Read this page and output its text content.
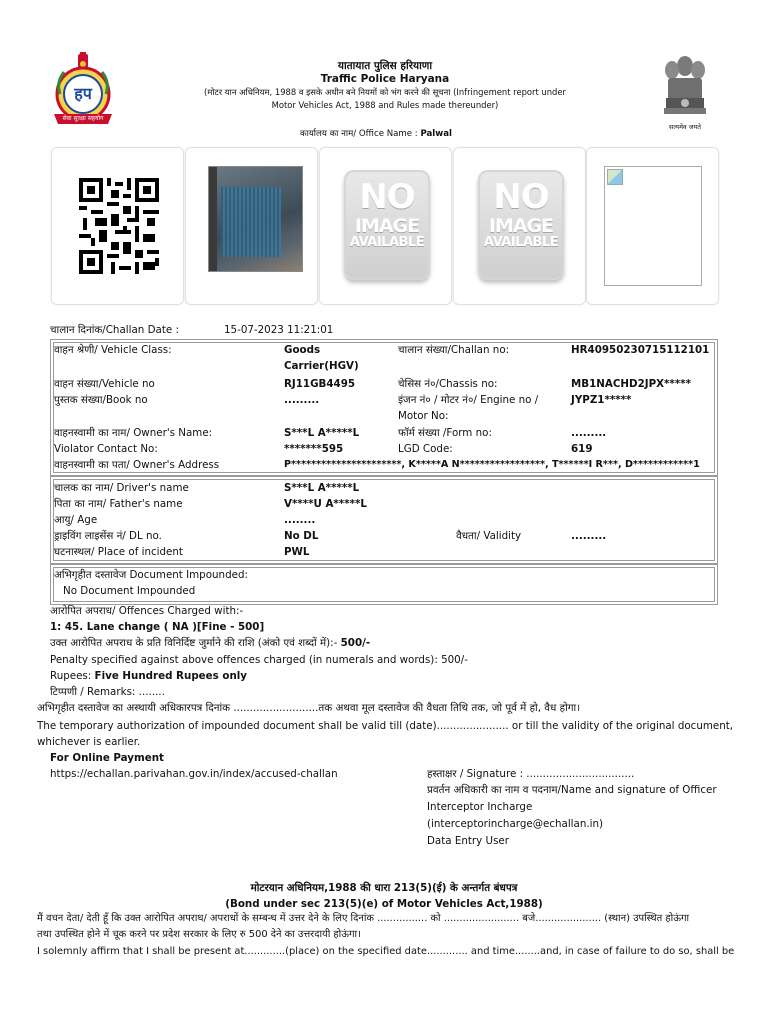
हप
सेवा सुरक्षा सहयोग
यातायात पुलिस हरियाणा
Traffic Police Haryana
(मोटर यान अधिनियम, 1988 व इसके अधीन बने नियमों को भंग करने की सूचना (Infringement report under
Motor Vehicles Act, 1988 and Rules made thereunder)
कार्यालय का नाम/ Office Name : Palwal
सत्यमेव जयते
NO
IMAGE
AVAILABLE
NO
IMAGE
AVAILABLE
चालान दिनांक/Challan Date :	15-07-2023 11:21:01
वाहन श्रेणी/ Vehicle Class:	Goods
Carrier(HGV)
चालान संख्या/Challan no:	HR40950230715112101
वाहन संख्या/Vehicle no	RJ11GB4495	चेसिस नं०/Chassis no:	MB1NACHD2JPX*****
पुस्तक संख्या/Book no	.........	इंजन नं० / मोटर नं०/ Engine no /
Motor No:
JYPZ1*****
वाहनस्वामी का नाम/ Owner's Name:	S***L A*****L	फॉर्म संख्या /Form no:	.........
Violator Contact No:	*******595	LGD Code:	619
वाहनस्वामी का पता/ Owner's Address	P**********************, K*****A N*****************, T******I R***, D************1
चालक का नाम/ Driver's name	S***L A*****L
पिता का नाम/ Father's name	V****U A*****L
आयु/ Age	........
ड्राइविंग लाइसेंस नं/ DL no.	No DL	वैधता/ Validity	.........
घटनास्थल/ Place of incident	PWL
अभिगृहीत दस्तावेज Document Impounded:
No Document Impounded
आरोपित अपराध/ Offences Charged with:-
1: 45. Lane change ( NA )[Fine - 500]
उक्त आरोपित अपराध के प्रति विनिर्दिष्ट जुर्माने की राशि (अंको एवं शब्दों में):- 500/-
Penalty specified against above offences charged (in numerals and words): 500/-
Rupees: Five Hundred Rupees only
टिप्पणी / Remarks: ........
अभिगृहीत दस्तावेज का अस्थायी अधिकारपत्र दिनांक ..........................तक अथवा मूल दस्तावेज की वैधता तिथि तक, जो पूर्व में हो, वैध होगा।
The temporary authorization of impounded document shall be valid till (date)...................... or till the validity of the original document,
whichever is earlier.
For Online Payment
https://echallan.parivahan.gov.in/index/accused-challan	हस्ताक्षर / Signature : .................................
प्रवर्तन अधिकारी का नाम व पदनाम/Name and signature of Officer
Interceptor Incharge
(interceptorincharge@echallan.in)
Data Entry User
मोटरयान अधिनियम,1988 की धारा 213(5)(ई) के अन्तर्गत बंधपत्र
(Bond under sec 213(5)(e) of Motor Vehicles Act,1988)
मैं वचन देता/ देती हूँ कि उक्त आरोपित अपराध/ अपराधों के सम्बन्ध में उत्तर देने के लिए दिनांक ................ को ........................ बजे..................... (स्थान) उपस्थित होऊंगा
तथा उपस्थित होने में चूक करने पर प्रदेश सरकार के लिए रु 500 देने का उत्तरदायी होऊंगा।
I solemnly affirm that I shall be present at.............(place) on the specified date............. and time........and, in case of failure to do so, shall be
